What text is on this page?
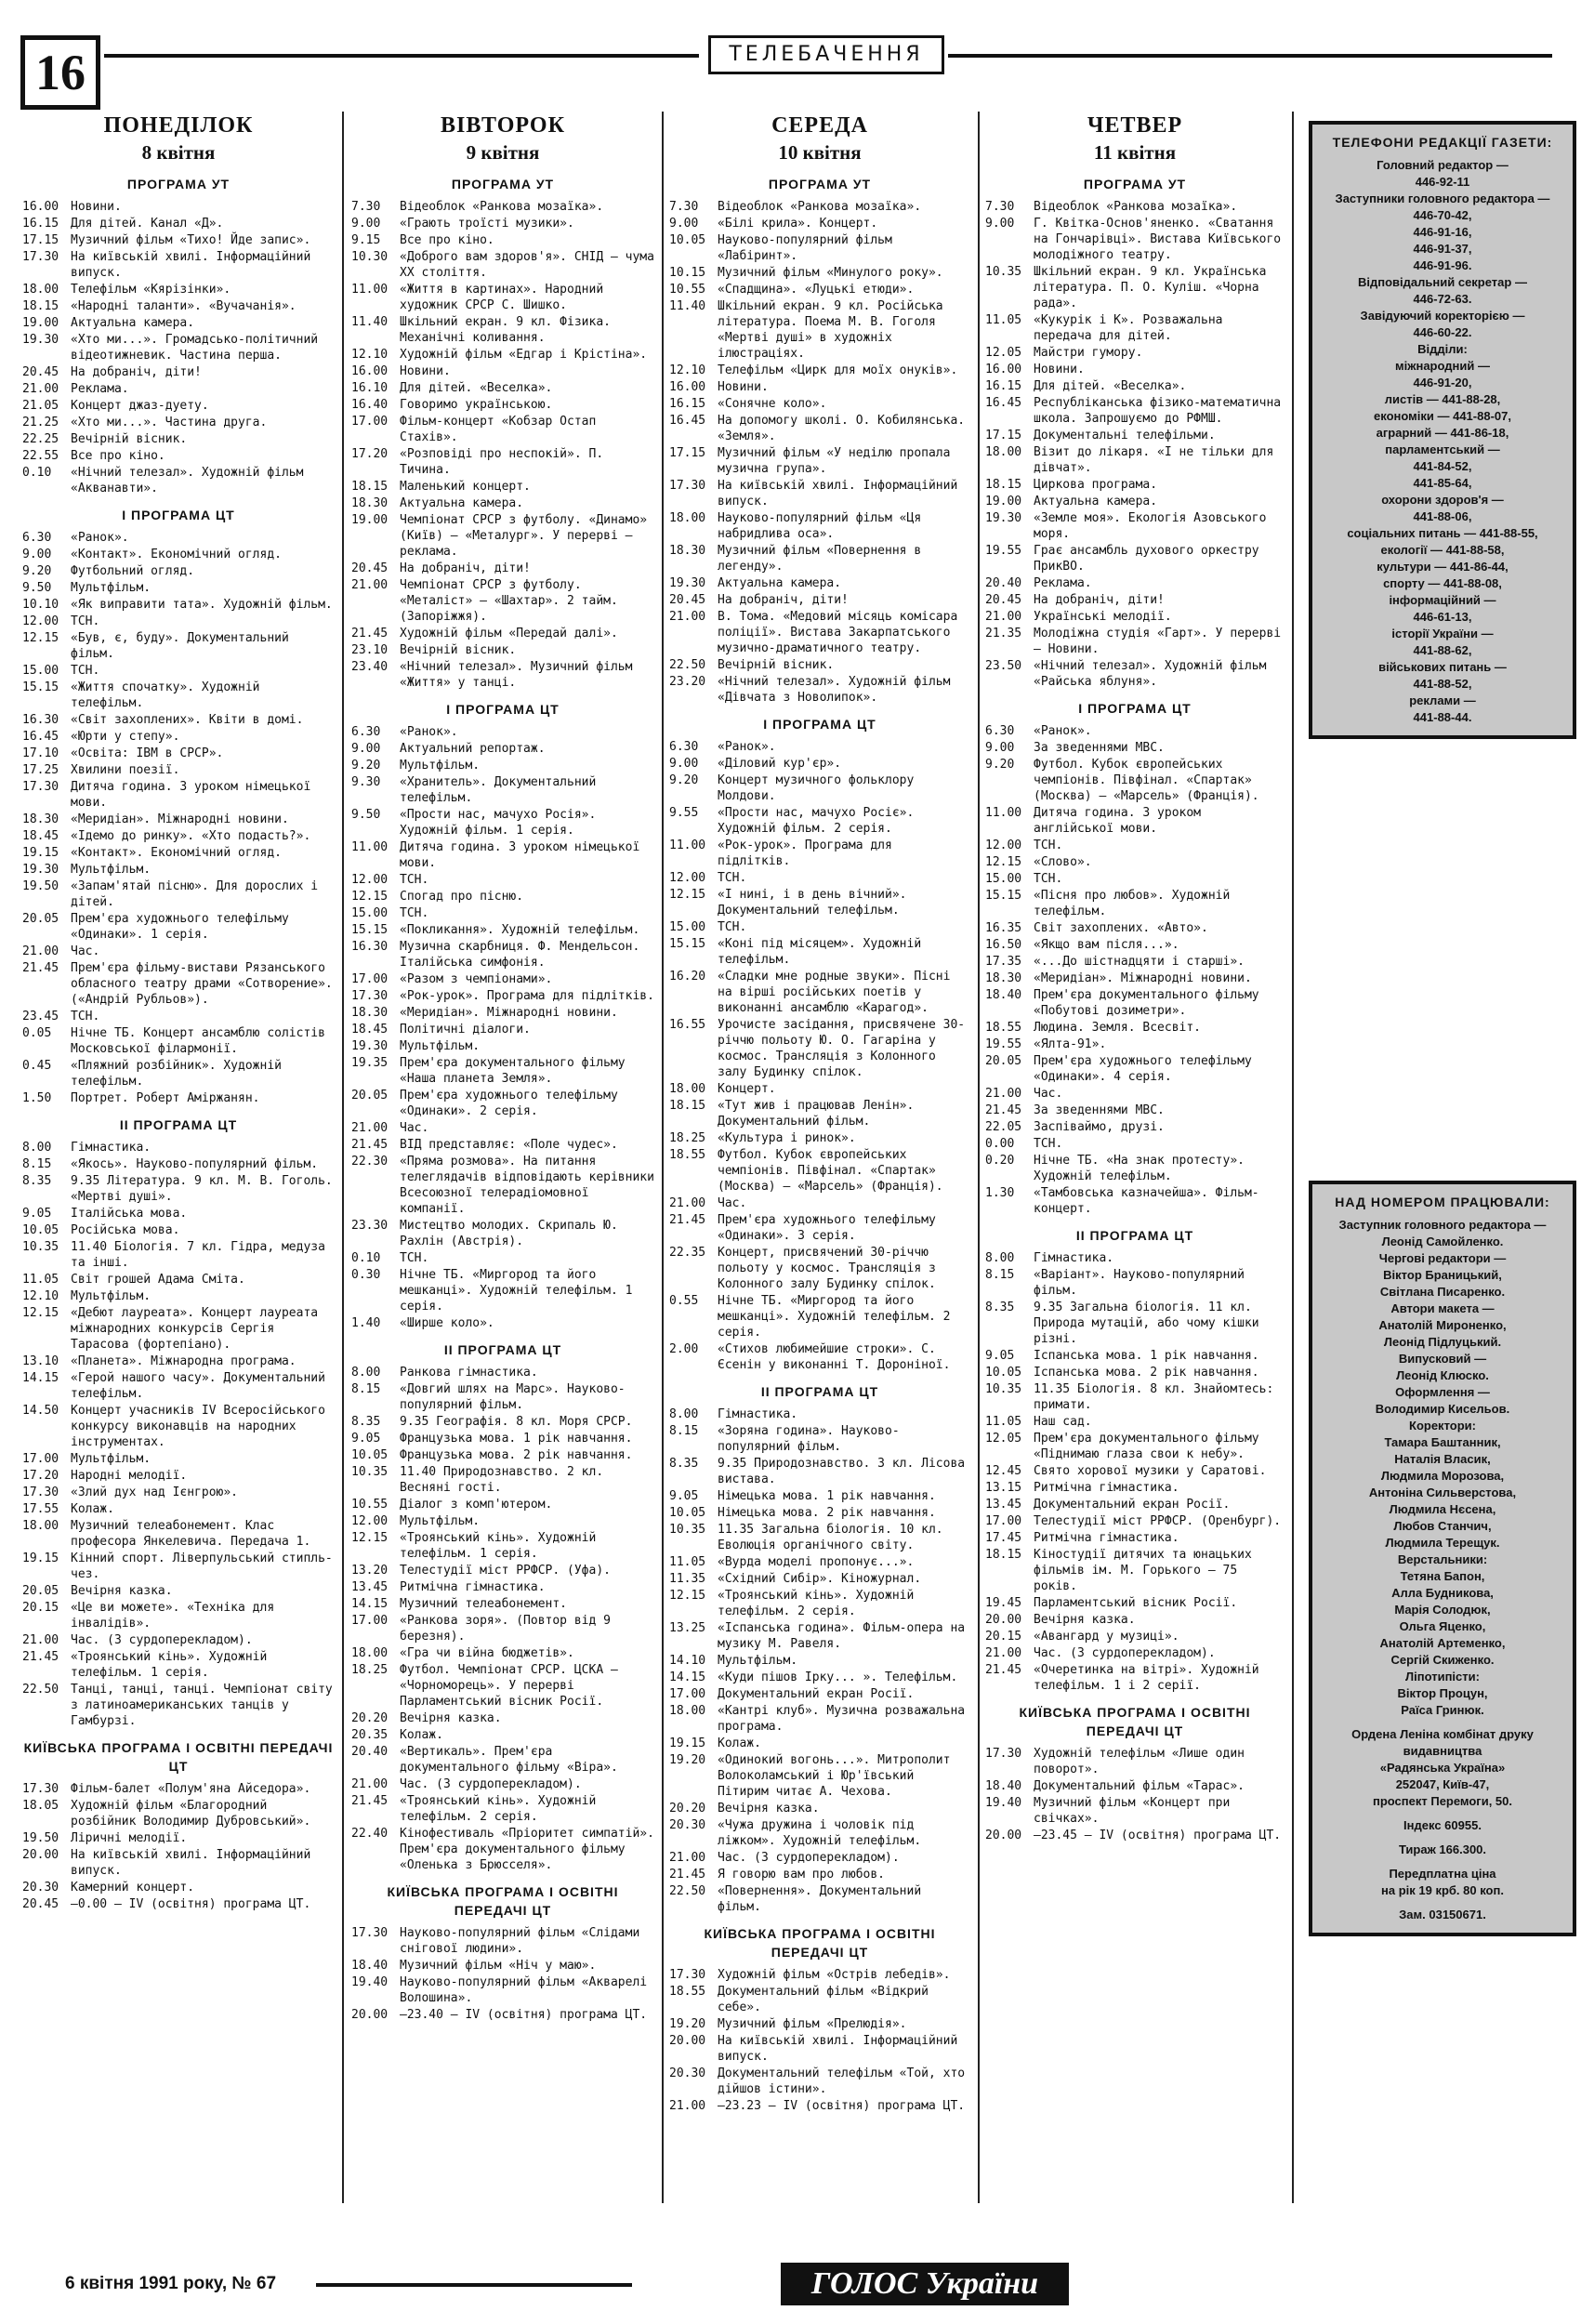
16	ТЕЛЕБАЧЕННЯ
ПОНЕДІЛОК
8 квітня
ПРОГРАМА УТ
16.00 Новини.
16.15 Для дітей. Канал «Д».
17.15 Музичний фільм «Тихо! Йде запис».
17.30 На київській хвилі. Інформаційний випуск.
18.00 Телефільм «Кярізінки».
18.15 «Народні таланти». «Вучачанія».
19.00 Актуальна камера.
19.30 «Хто ми...». Громадсько-політичний відеотижневик. Частина перша.
20.45 На добраніч, діти!
21.00 Реклама.
21.05 Концерт джаз-дуету.
21.25 «Хто ми...». Частина друга.
22.25 Вечірній вісник.
22.55 Все про кіно.
0.10	«Нічний телезал». Художній фільм «Акванавти».
І ПРОГРАМА ЦТ
6.30	«Ранок».
9.00	«Контакт». Економічний огляд.
9.20	Футбольний огляд.
9.50	Мультфільм.
10.10 «Як виправити тата». Художній фільм.
12.00 ТСН.
12.15 «Був, є, буду». Документальний фільм.
15.00 ТСН.
15.15 «Життя спочатку». Художній телефільм.
16.30 «Світ захоплених». Квіти в домі.
16.45 «Юрти у степу».
17.10 «Освіта: IBM в СРСР».
17.25 Хвилини поезії.
17.30 Дитяча година. З уроком німецької мови.
18.30 «Меридіан». Міжнародні новини.
18.45 «Ідемо до ринку». «Хто подасть?».
19.15 «Контакт». Економічний огляд.
19.30 Мультфільм.
19.50 «Запам'ятай пісню». Для дорослих і дітей.
20.05 Прем'єра художнього телефільму «Одинаки». 1 серія.
21.00 Час.
21.45 Прем'єра фільму-вистави Рязанського обласного театру драми «Сотворение». («Андрій Рубльов»).
23.45 ТСН.
0.05	Нічне ТБ. Концерт ансамблю солістів Московської філармонії.
0.45	«Пляжний розбійник». Художній телефільм.
1.50	Портрет. Роберт Аміржанян.
ІІ ПРОГРАМА ЦТ
8.00	Гімнастика.
8.15	«Якось». Науково-популярний фільм.
8.35	9.35 Література. 9 кл. М. В. Гоголь. «Мертві душі».
9.05	Італійська мова.
10.05 Російська мова.
10.35 11.40 Біологія. 7 кл. Гідра, медуза та інші.
11.05 Світ грошей Адама Сміта.
12.10 Мультфільм.
12.15 «Дебют лауреата». Концерт лауреата міжнародних конкурсів Сергія Тарасова (фортепіано).
13.10 «Планета». Міжнародна програма.
14.15 «Герой нашого часу». Документальний телефільм.
14.50 Концерт учасників IV Всеросійського конкурсу виконавців на народних інструментах.
17.00 Мультфільм.
17.20 Народні мелодії.
17.30 «Злий дух над Ієнгрою».
17.55 Колаж.
18.00 Музичний телеабонемент. Клас професора Янкелевича. Передача 1.
19.15 Кінний спорт. Ліверпульський стипль-чез.
20.05 Вечірня казка.
20.15 «Це ви можете». «Техніка для інвалідів».
21.00 Час. (З сурдоперекладом).
21.45 «Троянський кінь». Художній телефільм. 1 серія.
22.50 Танці, танці, танці. Чемпіонат світу з латиноамериканських танців у Гамбурзі.
КИЇВСЬКА ПРОГРАМА І ОСВІТНІ ПЕРЕДАЧІ ЦТ
17.30 Фільм-балет «Полум'яна Айседора».
18.05 Художній фільм «Благородний розбійник Володимир Дубровський».
19.50 Ліричні мелодії.
20.00 На київській хвилі. Інформаційний випуск.
20.30 Камерний концерт.
20.45 —0.00 — IV (освітня) програма ЦТ.
ВІВТОРОК
9 квітня
ПРОГРАМА УТ
7.30	Відеоблок «Ранкова мозаїка».
9.00	«Грають троїсті музики».
9.15	Все про кіно.
10.30 «Доброго вам здоров'я». СНІД — чума XX століття.
11.00 «Життя в картинах». Народний художник СРСР С. Шишко.
11.40 Шкільний екран. 9 кл. Фізика. Механічні коливання.
12.10 Художній фільм «Едгар і Крістіна».
16.00 Новини.
16.10 Для дітей. «Веселка».
16.40 Говоримо українською.
17.00 Фільм-концерт «Кобзар Остап Стахів».
17.20 «Розповіді про неспокій». П. Тичина.
18.15 Маленький концерт.
18.30 Актуальна камера.
19.00 Чемпіонат СРСР з футболу. «Динамо» (Київ) — «Металург». У перерві — реклама.
20.45 На добраніч, діти!
21.00 Чемпіонат СРСР з футболу. «Металіст» — «Шахтар». 2 тайм. (Запоріжжя).
21.45 Художній фільм «Передай далі».
23.10 Вечірній вісник.
23.40 «Нічний телезал». Музичний фільм «Життя» у танці.
І ПРОГРАМА ЦТ
6.30	«Ранок».
9.00	Актуальний репортаж.
9.20	Мультфільм.
9.30	«Хранитель». Документальний телефільм.
9.50	«Прости нас, мачухо Росія». Художній фільм. 1 серія.
11.00 Дитяча година. З уроком німецької мови.
12.00 ТСН.
12.15 Спогад про пісню.
15.00 ТСН.
15.15 «Покликання». Художній телефільм.
16.30 Музична скарбниця. Ф. Мендельсон. Італійська симфонія.
17.00 «Разом з чемпіонами».
17.30 «Рок-урок». Програма для підлітків.
18.30 «Меридіан». Міжнародні новини.
18.45 Політичні діалоги.
19.30 Мультфільм.
19.35 Прем'єра документального фільму «Наша планета Земля».
20.05 Прем'єра художнього телефільму «Одинаки». 2 серія.
21.00 Час.
21.45 ВІД представляє: «Поле чудес».
22.30 «Пряма розмова». На питання телеглядачів відповідають керівники Всесоюзної телерадіомовної компанії.
23.30 Мистецтво молодих. Скрипаль Ю. Рахлін (Австрія).
0.10	ТСН.
0.30	Нічне ТБ. «Миргород та його мешканці». Художній телефільм. 1 серія.
1.40	«Ширше коло».
ІІ ПРОГРАМА ЦТ
8.00	Ранкова гімнастика.
8.15	«Довгий шлях на Марс». Науково-популярний фільм.
8.35	9.35 Географія. 8 кл. Моря СРСР.
9.05	Французька мова. 1 рік навчання.
10.05 Французька мова. 2 рік навчання.
10.35 11.40 Природознавство. 2 кл. Весняні гості.
10.55 Діалог з комп'ютером.
12.00 Мультфільм.
12.15 «Троянський кінь». Художній телефільм. 1 серія.
13.20 Телестудії міст РРФСР. (Уфа).
13.45 Ритмічна гімнастика.
14.15 Музичний телеабонемент.
17.00 «Ранкова зоря». (Повтор від 9 березня).
18.00 «Гра чи війна бюджетів».
18.25 Футбол. Чемпіонат СРСР. ЦСКА — «Чорноморець». У перерві Парламентський вісник Росії.
20.20 Вечірня казка.
20.35 Колаж.
20.40 «Вертикаль». Прем'єра документального фільму «Віра».
21.00 Час. (З сурдоперекладом).
21.45 «Троянський кінь». Художній телефільм. 2 серія.
22.40 Кінофестиваль «Пріоритет симпатій». Прем'єра документального фільму «Оленька з Брюсселя».
КИЇВСЬКА ПРОГРАМА І ОСВІТНІ ПЕРЕДАЧІ ЦТ
17.30 Науково-популярний фільм «Слідами снігової людини».
18.40 Музичний фільм «Ніч у маю».
19.40 Науково-популярний фільм «Акварелі Волошина».
20.00 —23.40 — IV (освітня) програма ЦТ.
СЕРЕДА
10 квітня
ПРОГРАМА УТ
7.30	Відеоблок «Ранкова мозаїка».
9.00	«Білі крила». Концерт.
10.05 Науково-популярний фільм «Лабіринт».
10.15 Музичний фільм «Минулого року».
10.55 «Спадщина». «Луцькі етюди».
11.40 Шкільний екран. 9 кл. Російська література. Поема М. В. Гоголя «Мертві душі» в художніх ілюстраціях.
12.10 Телефільм «Цирк для моїх онуків».
16.00 Новини.
16.15 «Сонячне коло».
16.45 На допомогу школі. О. Кобилянська. «Земля».
17.15 Музичний фільм «У неділю пропала музична група».
17.30 На київській хвилі. Інформаційний випуск.
18.00 Науково-популярний фільм «Ця набридлива оса».
18.30 Музичний фільм «Повернення в легенду».
19.30 Актуальна камера.
20.45 На добраніч, діти!
21.00 В. Тома. «Медовий місяць комісара поліції». Вистава Закарпатського музично-драматичного театру.
22.50 Вечірній вісник.
23.20 «Нічний телезал». Художній фільм «Дівчата з Новолипок».
І ПРОГРАМА ЦТ
6.30	«Ранок».
9.00	«Діловий кур'єр».
9.20	Концерт музичного фольклору Молдови.
9.55	«Прости нас, мачухо Росіє». Художній фільм. 2 серія.
11.00 «Рок-урок». Програма для підлітків.
12.00 ТСН.
12.15 «І нині, і в день вічний». Документальний телефільм.
15.00 ТСН.
15.15 «Коні під місяцем». Художній телефільм.
16.20 «Сладки мне родные звуки». Пісні на вірші російських поетів у виконанні ансамблю «Карагод».
16.55 Урочисте засідання, присвячене 30-річчю польоту Ю. О. Гагаріна у космос. Трансляція з Колонного залу Будинку спілок.
18.00 Концерт.
18.15 «Тут жив і працював Ленін». Документальний фільм.
18.25 «Культура і ринок».
18.55 Футбол. Кубок європейських чемпіонів. Півфінал. «Спартак» (Москва) — «Марсель» (Франція).
21.00 Час.
21.45 Прем'єра художнього телефільму «Одинаки». 3 серія.
22.35 Концерт, присвячений 30-річчю польоту у космос. Трансляція з Колонного залу Будинку спілок.
0.55	Нічне ТБ. «Миргород та його мешканці». Художній телефільм. 2 серія.
2.00	«Стихов любимейшие строки». С. Єсенін у виконанні Т. Дороніної.
ІІ ПРОГРАМА ЦТ
8.00	Гімнастика.
8.15	«Зоряна година». Науково-популярний фільм.
8.35	9.35 Природознавство. 3 кл. Лісова вистава.
9.05	Німецька мова. 1 рік навчання.
10.05 Німецька мова. 2 рік навчання.
10.35 11.35 Загальна біологія. 10 кл. Еволюція органічного світу.
11.05 «Вурда моделі пропонує...».
11.35 «Східний Сибір». Кіножурнал.
12.15 «Троянський кінь». Художній телефільм. 2 серія.
13.25 «Іспанська година». Фільм-опера на музику М. Равеля.
14.10 Мультфільм.
14.15 «Куди пішов Ірку... ». Телефільм.
17.00 Документальний екран Росії.
18.00 «Кантрі клуб». Музична розважальна програма.
19.15 Колаж.
19.20 «Одинокий вогонь...». Митрополит Волоколамський і Юр'ївський Пітирим читає А. Чехова.
20.20 Вечірня казка.
20.30 «Чужа дружина і чоловік під ліжком». Художній телефільм.
21.00 Час. (З сурдоперекладом).
21.45 Я говорю вам про любов.
22.50 «Повернення». Документальний фільм.
КИЇВСЬКА ПРОГРАМА І ОСВІТНІ ПЕРЕДАЧІ ЦТ
17.30 Художній фільм «Острів лебедів».
18.55 Документальний фільм «Відкрий себе».
19.20 Музичний фільм «Прелюдія».
20.00 На київській хвилі. Інформаційний випуск.
20.30 Документальний телефільм «Той, хто дійшов істини».
21.00 —23.23 — IV (освітня) програма ЦТ.
ЧЕТВЕР
11 квітня
ПРОГРАМА УТ
7.30	Відеоблок «Ранкова мозаїка».
9.00	Г. Квітка-Основ'яненко. «Сватання на Гончарівці». Вистава Київського молодіжного театру.
10.35 Шкільний екран. 9 кл. Українська література. П. О. Куліш. «Чорна рада».
11.05 «Кукурік і К». Розважальна передача для дітей.
12.05 Майстри гумору.
16.00 Новини.
16.15 Для дітей. «Веселка».
16.45 Республіканська фізико-математична школа. Запрошуємо до РФМШ.
17.15 Документальні телефільми.
18.00 Візит до лікаря. «І не тільки для дівчат».
18.15 Циркова програма.
19.00 Актуальна камера.
19.30 «Земле моя». Екологія Азовського моря.
19.55 Грає ансамбль духового оркестру ПрикВО.
20.40 Реклама.
20.45 На добраніч, діти!
21.00 Українські мелодії.
21.35 Молодіжна студія «Гарт». У перерві — Новини.
23.50 «Нічний телезал». Художній фільм «Райська яблуня».
І ПРОГРАМА ЦТ
6.30	«Ранок».
9.00	За зведеннями МВС.
9.20	Футбол. Кубок європейських чемпіонів. Півфінал. «Спартак» (Москва) — «Марсель» (Франція).
11.00 Дитяча година. З уроком англійської мови.
12.00 ТСН.
12.15 «Слово».
15.00 ТСН.
15.15 «Пісня про любов». Художній телефільм.
16.35 Світ захоплених. «Авто».
16.50 «Якщо вам після...».
17.35 «...До шістнадцяти і старші».
18.30 «Меридіан». Міжнародні новини.
18.40 Прем'єра документального фільму «Побутові дозиметри».
18.55 Людина. Земля. Всесвіт.
19.55 «Ялта-91».
20.05 Прем'єра художнього телефільму «Одинаки». 4 серія.
21.00 Час.
21.45 За зведеннями МВС.
22.05 Заспіваймо, друзі.
0.00	ТСН.
0.20	Нічне ТБ. «На знак протесту». Художній телефільм.
1.30	«Тамбовська казначейша». Фільм-концерт.
ІІ ПРОГРАМА ЦТ
8.00	Гімнастика.
8.15	«Варіант». Науково-популярний фільм.
8.35	9.35 Загальна біологія. 11 кл. Природа мутацій, або чому кішки різні.
9.05	Іспанська мова. 1 рік навчання.
10.05 Іспанська мова. 2 рік навчання.
10.35 11.35 Біологія. 8 кл. Знайомтесь: примати.
11.05 Наш сад.
12.05 Прем'єра документального фільму «Піднимаю глаза свои к небу».
12.45 Свято хорової музики у Саратові.
13.15 Ритмічна гімнастика.
13.45 Документальний екран Росії.
17.00 Телестудії міст РРФСР. (Оренбург).
17.45 Ритмічна гімнастика.
18.15 Кіностудії дитячих та юнацьких фільмів ім. М. Горького — 75 років.
19.45 Парламентський вісник Росії.
20.00 Вечірня казка.
20.15 «Авангард у музиці».
21.00 Час. (З сурдоперекладом).
21.45 «Очеретинка на вітрі». Художній телефільм. 1 і 2 серії.
КИЇВСЬКА ПРОГРАМА І ОСВІТНІ ПЕРЕДАЧІ ЦТ
17.30 Художній телефільм «Лише один поворот».
18.40 Документальний фільм «Тарас».
19.40 Музичний фільм «Концерт при свічках».
20.00 —23.45 — IV (освітня) програма ЦТ.
ТЕЛЕФОНИ РЕДАКЦІЇ ГАЗЕТИ:
Головний редактор —
446-92-11
Заступники головного редактора —
446-70-42,
446-91-16,
446-91-37,
446-91-96.
Відповідальний секретар —
446-72-63.
Завідуючий коректорією —
446-60-22.
Відділи:
міжнародний —
446-91-20,
листів — 441-88-28,
економіки — 441-88-07,
аграрний — 441-86-18,
парламентський —
441-84-52,
441-85-64,
охорони здоров'я —
441-88-06,
соціальних питань — 441-88-55,
екології — 441-88-58,
культури — 441-86-44,
спорту — 441-88-08,
інформаційний —
446-61-13,
історії України —
441-88-62,
військових питань —
441-88-52,
реклами —
441-88-44.
НАД НОМЕРОМ ПРАЦЮВАЛИ:
Заступник головного редактора —
Леонід Самойленко.
Чергові редактори —
Віктор Браницький,
Світлана Писаренко.
Автори макета —
Анатолій Мироненко,
Леонід Підлуцький.
Випусковий —
Леонід Клюско.
Оформлення —
Володимир Кисельов.
Коректори:
Тамара Баштанник,
Наталія Власик,
Людмила Морозова,
Антоніна Сильверстова,
Людмила Нєсена,
Любов Станчич,
Людмила Терещук.
Верстальники:
Тетяна Бапон,
Алла Будникова,
Марія Солодюк,
Ольга Яценко,
Анатолій Артеменко,
Сергій Скиженко.
Ліпотипісти:
Віктор Процун,
Раїса Гринюк.
Ордена Леніна комбінат друку видавництва
«Радянська Україна»
252047, Київ-47,
проспект Перемоги, 50.
Індекс 60955.
Тираж 166.300.
Передплатна ціна
на рік 19 крб. 80 коп.
Зам. 03150671.
6 квітня 1991 року, № 67	ГОЛОС України
